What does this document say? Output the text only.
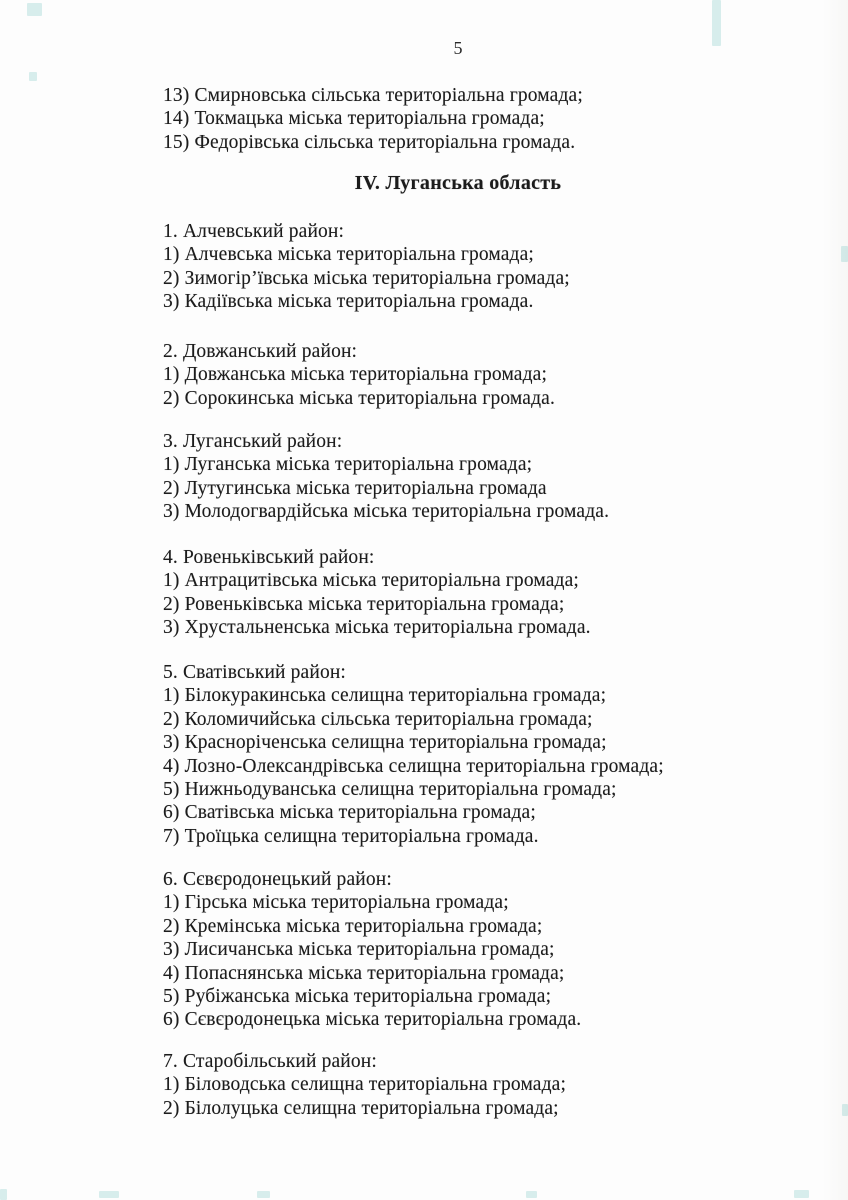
5
13) Смирновська сільська територіальна громада;
14) Токмацька міська територіальна громада;
15) Федорівська сільська територіальна громада.
IV. Луганська область
1. Алчевський район:
1) Алчевська міська територіальна громада;
2) Зимогір’ївська міська територіальна громада;
3) Кадіївська міська територіальна громада.
2. Довжанський район:
1) Довжанська міська територіальна громада;
2) Сорокинська міська територіальна громада.
3. Луганський район:
1) Луганська міська територіальна громада;
2) Лутугинська міська територіальна громада
3) Молодогвардійська міська територіальна громада.
4. Ровеньківський район:
1) Антрацитівська міська територіальна громада;
2) Ровеньківська міська територіальна громада;
3) Хрустальненська міська територіальна громада.
5. Сватівський район:
1) Білокуракинська селищна територіальна громада;
2) Коломичийська сільська територіальна громада;
3) Красноріченська селищна територіальна громада;
4) Лозно-Олександрівська селищна територіальна громада;
5) Нижньодуванська селищна територіальна громада;
6) Сватівська міська територіальна громада;
7) Троїцька селищна територіальна громада.
6. Сєвєродонецький район:
1) Гірська міська територіальна громада;
2) Кремінська міська територіальна громада;
3) Лисичанська міська територіальна громада;
4) Попаснянська міська територіальна громада;
5) Рубіжанська міська територіальна громада;
6) Сєвєродонецька міська територіальна громада.
7. Старобільський район:
1) Біловодська селищна територіальна громада;
2) Білолуцька селищна територіальна громада;
